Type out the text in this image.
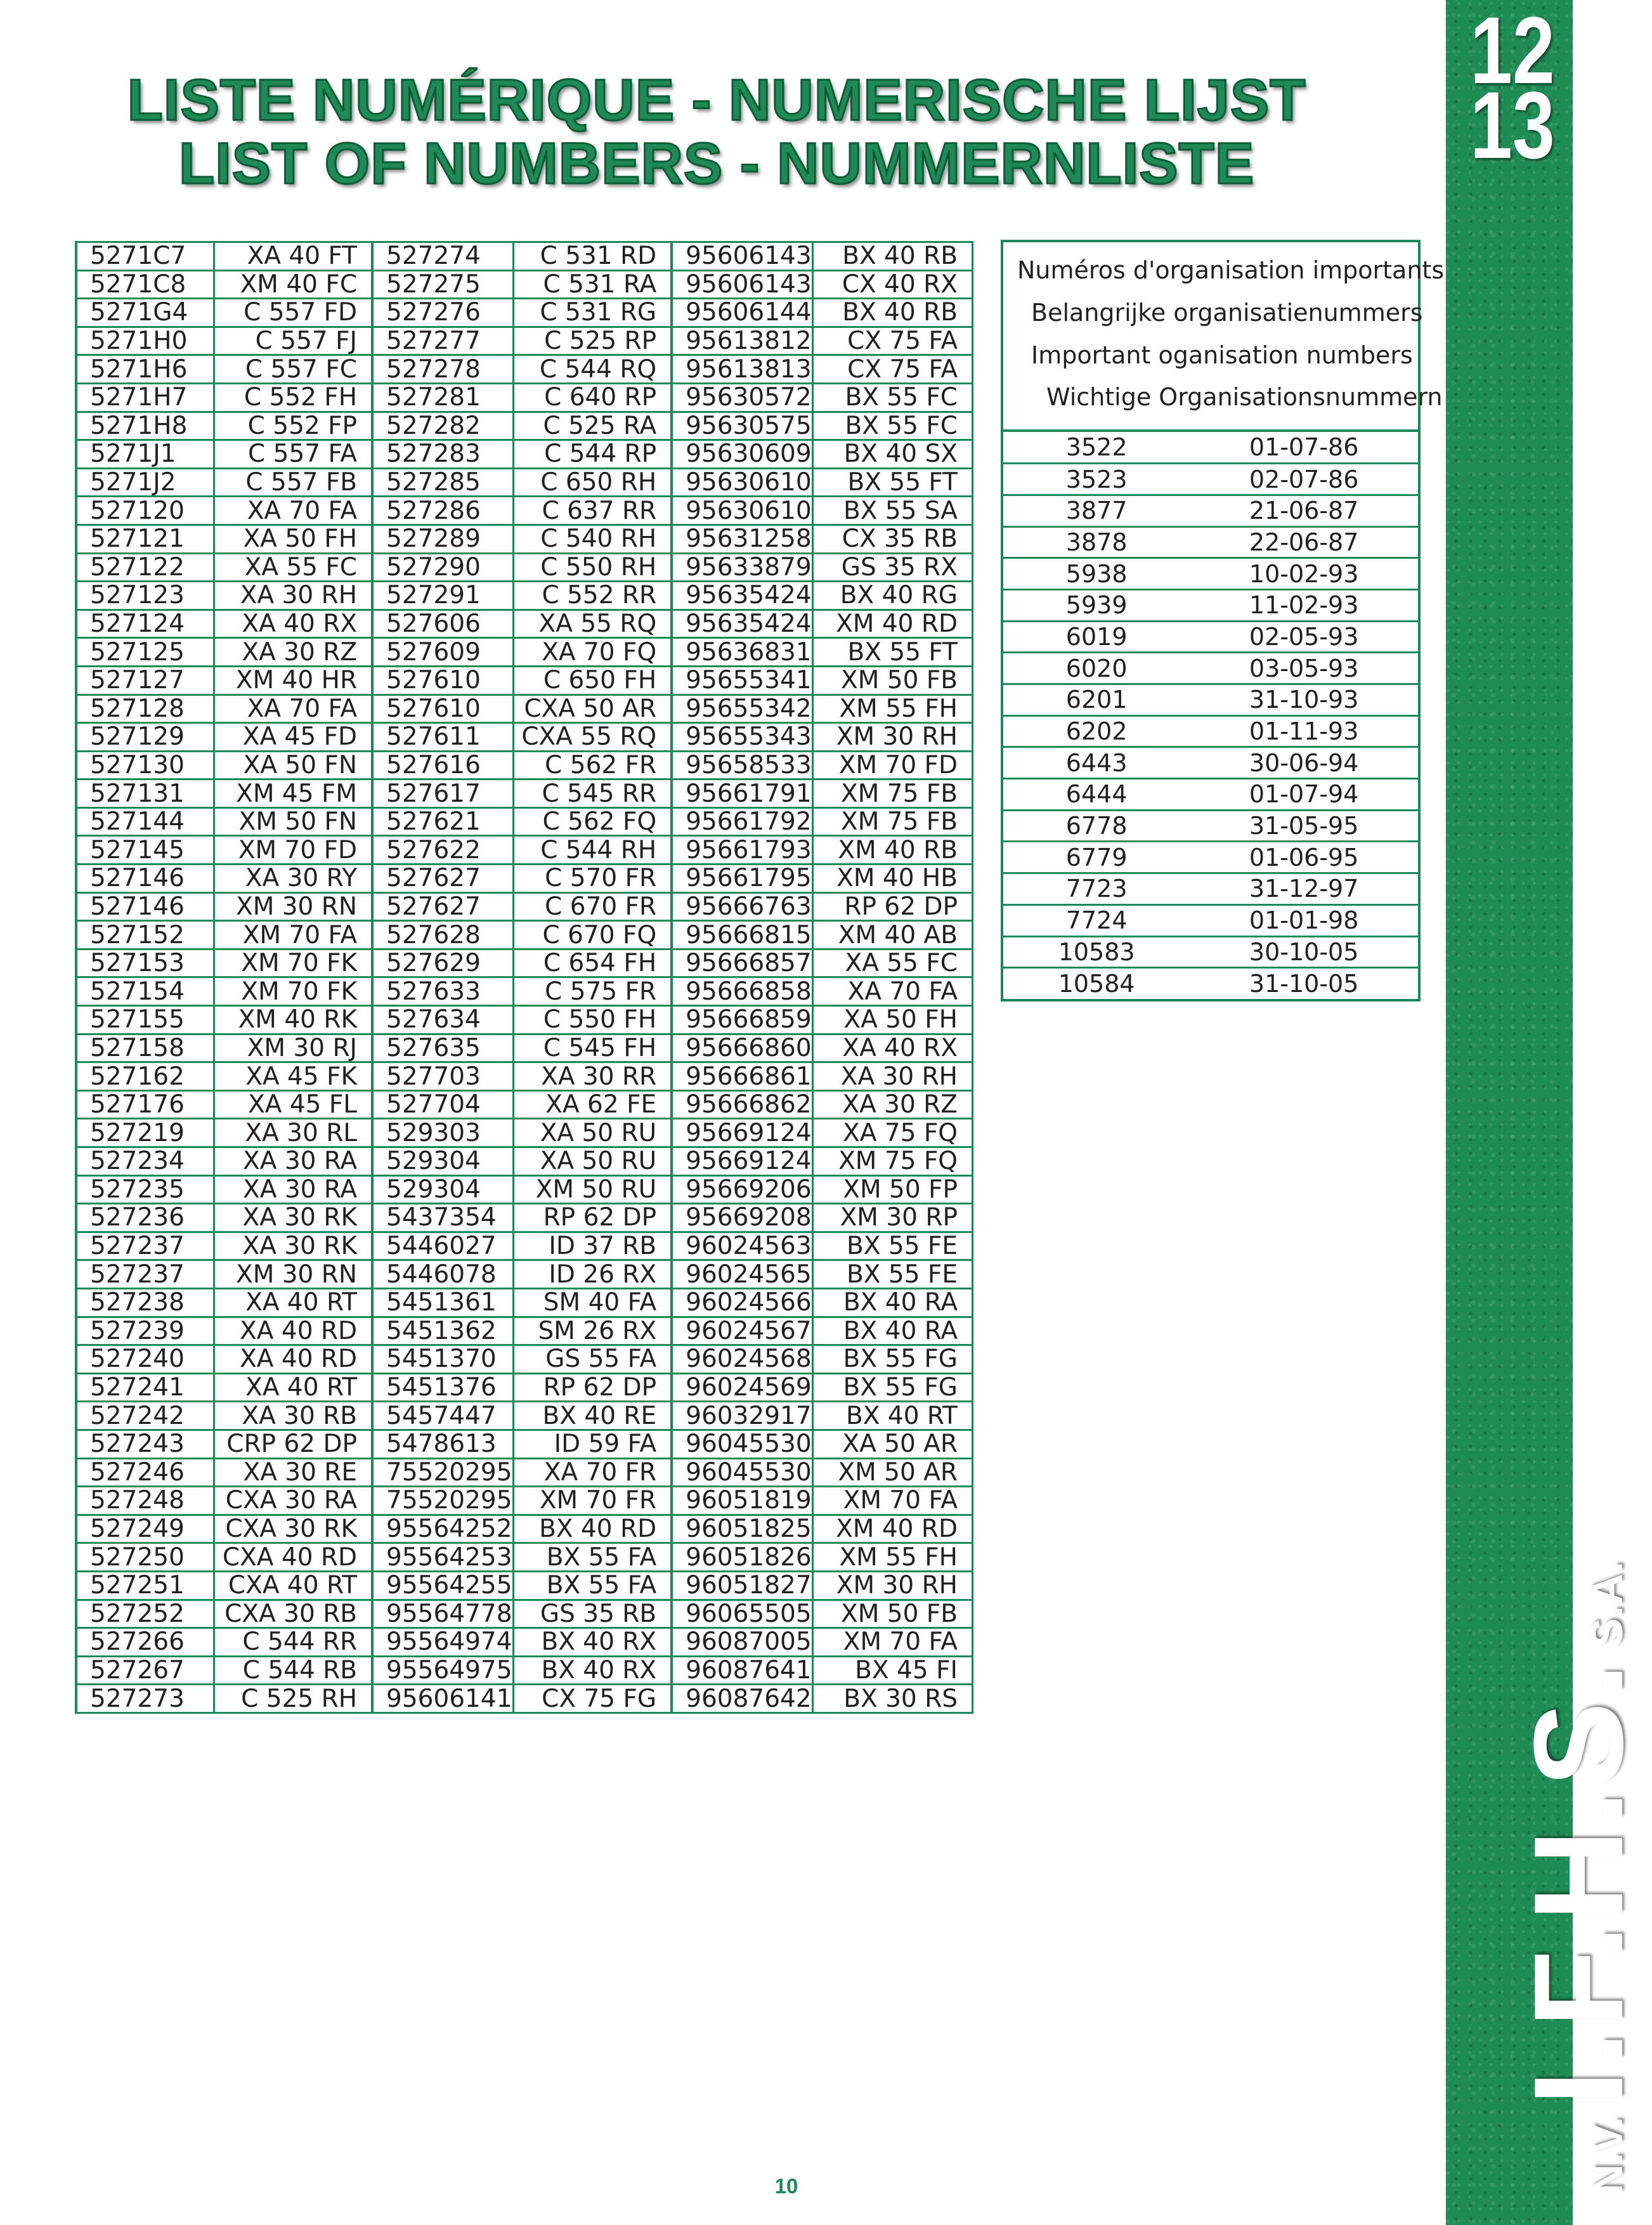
LISTE NUMÉRIQUE - NUMERISCHE LIJST
LIST OF NUMBERS - NUMMERNLISTE
5271C7	XA 40 FT	527274	C 531 RD	95606143	BX 40 RB
5271C8	XM 40 FC	527275	C 531 RA	95606143	CX 40 RX
5271G4	C 557 FD	527276	C 531 RG	95606144	BX 40 RB
5271H0	C 557 FJ	527277	C 525 RP	95613812	CX 75 FA
5271H6	C 557 FC	527278	C 544 RQ	95613813	CX 75 FA
5271H7	C 552 FH	527281	C 640 RP	95630572	BX 55 FC
5271H8	C 552 FP	527282	C 525 RA	95630575	BX 55 FC
5271J1	C 557 FA	527283	C 544 RP	95630609	BX 40 SX
5271J2	C 557 FB	527285	C 650 RH	95630610	BX 55 FT
527120	XA 70 FA	527286	C 637 RR	95630610	BX 55 SA
527121	XA 50 FH	527289	C 540 RH	95631258	CX 35 RB
527122	XA 55 FC	527290	C 550 RH	95633879	GS 35 RX
527123	XA 30 RH	527291	C 552 RR	95635424	BX 40 RG
527124	XA 40 RX	527606	XA 55 RQ	95635424	XM 40 RD
527125	XA 30 RZ	527609	XA 70 FQ	95636831	BX 55 FT
527127	XM 40 HR	527610	C 650 FH	95655341	XM 50 FB
527128	XA 70 FA	527610	CXA 50 AR	95655342	XM 55 FH
527129	XA 45 FD	527611	CXA 55 RQ	95655343	XM 30 RH
527130	XA 50 FN	527616	C 562 FR	95658533	XM 70 FD
527131	XM 45 FM	527617	C 545 RR	95661791	XM 75 FB
527144	XM 50 FN	527621	C 562 FQ	95661792	XM 75 FB
527145	XM 70 FD	527622	C 544 RH	95661793	XM 40 RB
527146	XA 30 RY	527627	C 570 FR	95661795	XM 40 HB
527146	XM 30 RN	527627	C 670 FR	95666763	RP 62 DP
527152	XM 70 FA	527628	C 670 FQ	95666815	XM 40 AB
527153	XM 70 FK	527629	C 654 FH	95666857	XA 55 FC
527154	XM 70 FK	527633	C 575 FR	95666858	XA 70 FA
527155	XM 40 RK	527634	C 550 FH	95666859	XA 50 FH
527158	XM 30 RJ	527635	C 545 FH	95666860	XA 40 RX
527162	XA 45 FK	527703	XA 30 RR	95666861	XA 30 RH
527176	XA 45 FL	527704	XA 62 FE	95666862	XA 30 RZ
527219	XA 30 RL	529303	XA 50 RU	95669124	XA 75 FQ
527234	XA 30 RA	529304	XA 50 RU	95669124	XM 75 FQ
527235	XA 30 RA	529304	XM 50 RU	95669206	XM 50 FP
527236	XA 30 RK	5437354	RP 62 DP	95669208	XM 30 RP
527237	XA 30 RK	5446027	ID 37 RB	96024563	BX 55 FE
527237	XM 30 RN	5446078	ID 26 RX	96024565	BX 55 FE
527238	XA 40 RT	5451361	SM 40 FA	96024566	BX 40 RA
527239	XA 40 RD	5451362	SM 26 RX	96024567	BX 40 RA
527240	XA 40 RD	5451370	GS 55 FA	96024568	BX 55 FG
527241	XA 40 RT	5451376	RP 62 DP	96024569	BX 55 FG
527242	XA 30 RB	5457447	BX 40 RE	96032917	BX 40 RT
527243	CRP 62 DP	5478613	ID 59 FA	96045530	XA 50 AR
527246	XA 30 RE	75520295	XA 70 FR	96045530	XM 50 AR
527248	CXA 30 RA	75520295	XM 70 FR	96051819	XM 70 FA
527249	CXA 30 RK	95564252	BX 40 RD	96051825	XM 40 RD
527250	CXA 40 RD	95564253	BX 55 FA	96051826	XM 55 FH
527251	CXA 40 RT	95564255	BX 55 FA	96051827	XM 30 RH
527252	CXA 30 RB	95564778	GS 35 RB	96065505	XM 50 FB
527266	C 544 RR	95564974	BX 40 RX	96087005	XM 70 FA
527267	C 544 RB	95564975	BX 40 RX	96087641	BX 45 FI
527273	C 525 RH	95606141	CX 75 FG	96087642	BX 30 RS
Numéros d'organisation importants
Belangrijke organisatienummers
Important oganisation numbers
Wichtige Organisationsnummern
3522	01-07-86
3523	02-07-86
3877	21-06-87
3878	22-06-87
5938	10-02-93
5939	11-02-93
6019	02-05-93
6020	03-05-93
6201	31-10-93
6202	01-11-93
6443	30-06-94
6444	01-07-94
6778	31-05-95
6779	01-06-95
7723	31-12-97
7724	01-01-98
10583	30-10-05
10584	31-10-05
12
13
N.V.I.F.H.S.S.A.
10
